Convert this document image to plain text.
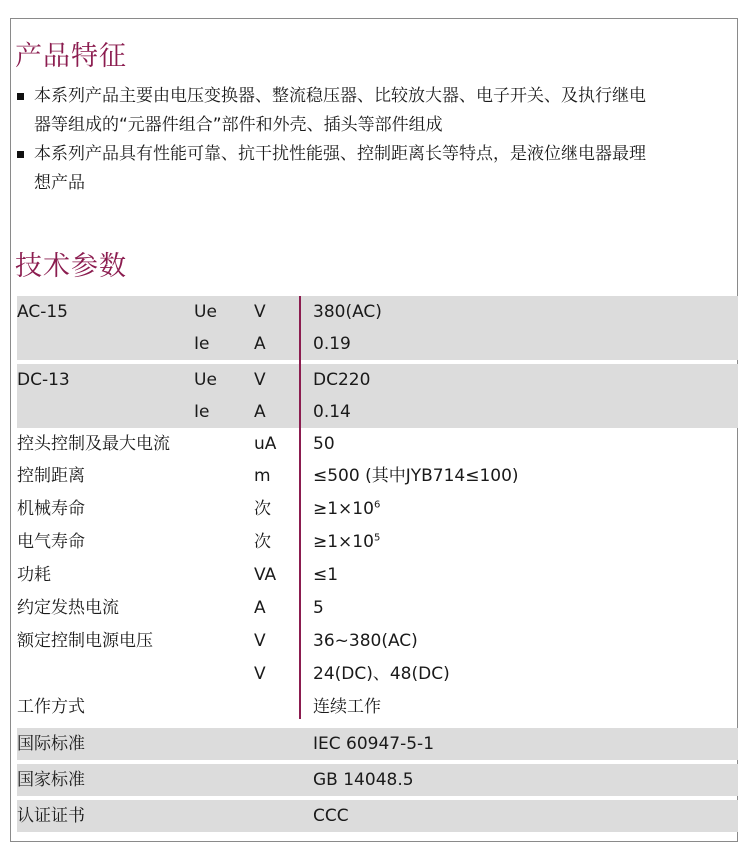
产品特征
本系列产品主要由电压变换器、整流稳压器、比较放大器、电子开关、及执行继电
器等组成的“元器件组合”部件和外壳、插头等部件组成
本系列产品具有性能可靠、抗干扰性能强、控制距离长等特点，是液位继电器最理
想产品
技术参数
AC-15	Ue V	380(AC)
Ie	A	0.19
DC-13	Ue V	DC220
Ie	A	0.14
控头控制及最大电流	uA 50
控制距离	m ≤500 (其中JYB714≤100)
机械寿命	次 $\ge 1\times 10^6$
电气寿命	次 $\ge 1\times 10^5$
功耗	VA ≤1
约定发热电流	A	5
额定控制电源电压	V	36~380(AC)
V	24(DC)、48(DC)
工作方式	连续工作
国际标准	IEC 60947-5-1
国家标准	GB 14048.5
认证证书	CCC
